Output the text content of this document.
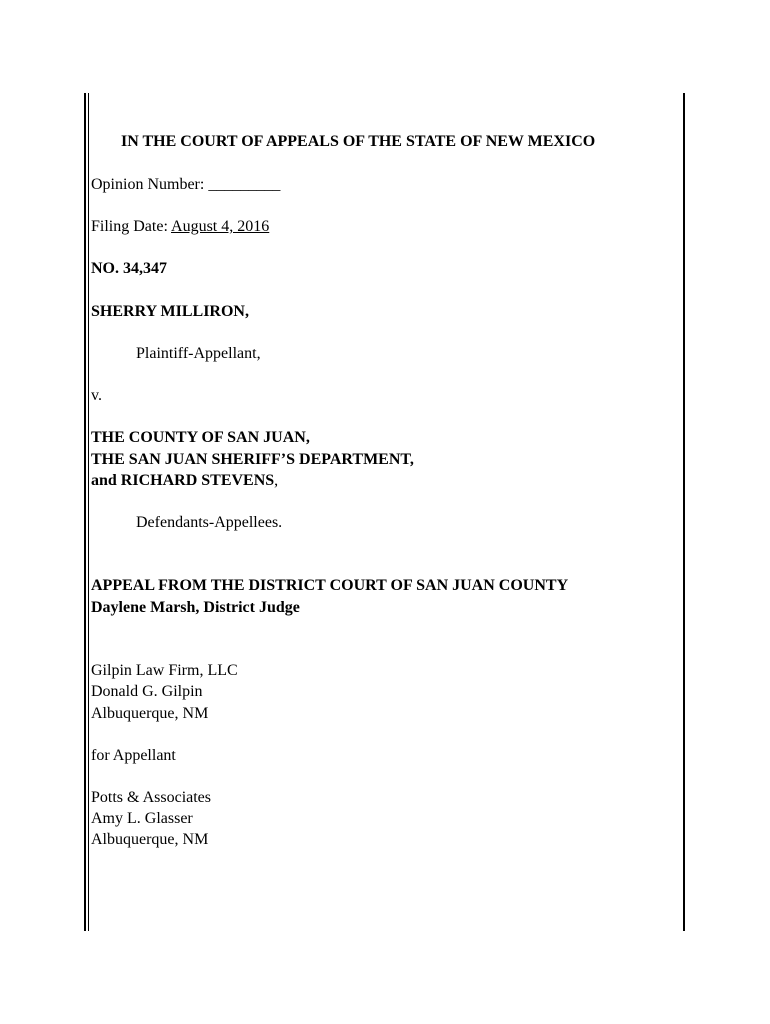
IN THE COURT OF APPEALS OF THE STATE OF NEW MEXICO
Opinion Number: _________
Filing Date: August 4, 2016
NO. 34,347
SHERRY MILLIRON,
Plaintiff-Appellant,
v.
THE COUNTY OF SAN JUAN,
THE SAN JUAN SHERIFF’S DEPARTMENT,
and RICHARD STEVENS,
Defendants-Appellees.
APPEAL FROM THE DISTRICT COURT OF SAN JUAN COUNTY
Daylene Marsh, District Judge
Gilpin Law Firm, LLC
Donald G. Gilpin
Albuquerque, NM
for Appellant
Potts & Associates
Amy L. Glasser
Albuquerque, NM
